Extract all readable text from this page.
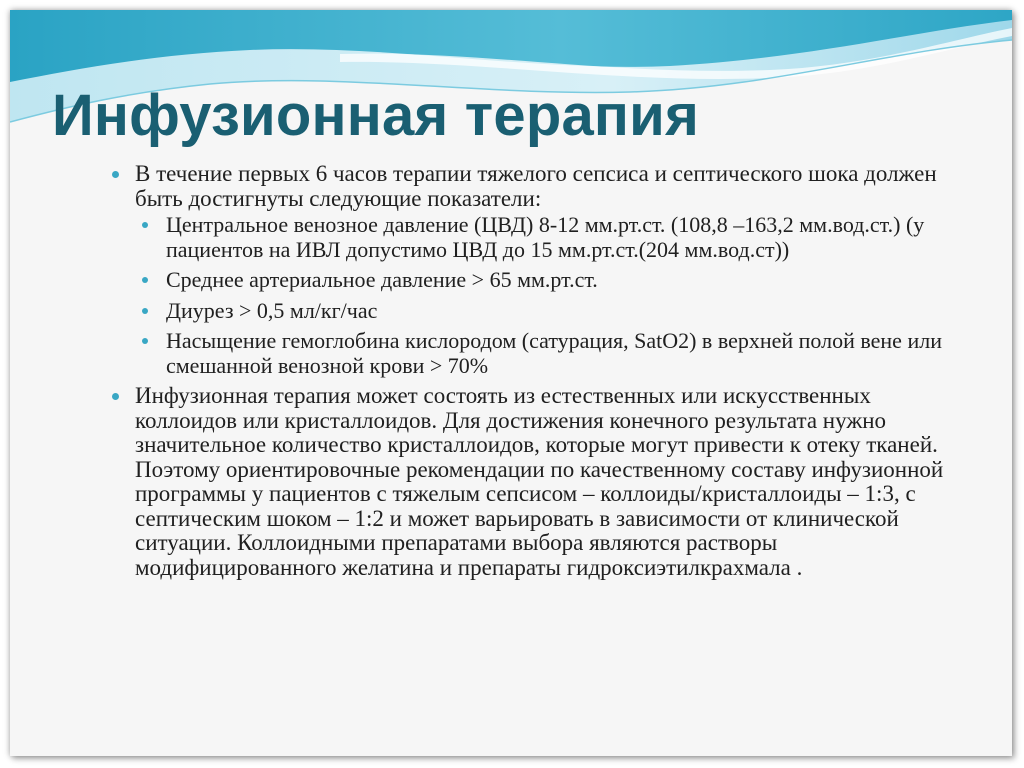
Инфузионная терапия
В течение первых 6 часов терапии тяжелого сепсиса и септического шока должен быть достигнуты следующие показатели:
Центральное венозное давление (ЦВД) 8-12 мм.рт.ст. (108,8 –163,2 мм.вод.ст.) (у пациентов на ИВЛ допустимо ЦВД до 15 мм.рт.ст.(204 мм.вод.ст))
Среднее артериальное давление > 65 мм.рт.ст.
Диурез > 0,5 мл/кг/час
Насыщение гемоглобина кислородом (сатурация, SatO2) в верхней полой вене или смешанной венозной крови > 70%
Инфузионная терапия может состоять из естественных или искусственных коллоидов или кристаллоидов. Для достижения конечного результата нужно значительное количество кристаллоидов, которые могут привести к отеку тканей. Поэтому ориентировочные рекомендации по качественному составу инфузионной программы у пациентов с тяжелым сепсисом – коллоиды/кристаллоиды – 1:3, с септическим шоком – 1:2 и может варьировать в зависимости от клинической ситуации. Коллоидными препаратами выбора являются растворы модифицированного желатина и препараты гидроксиэтилкрахмала .
